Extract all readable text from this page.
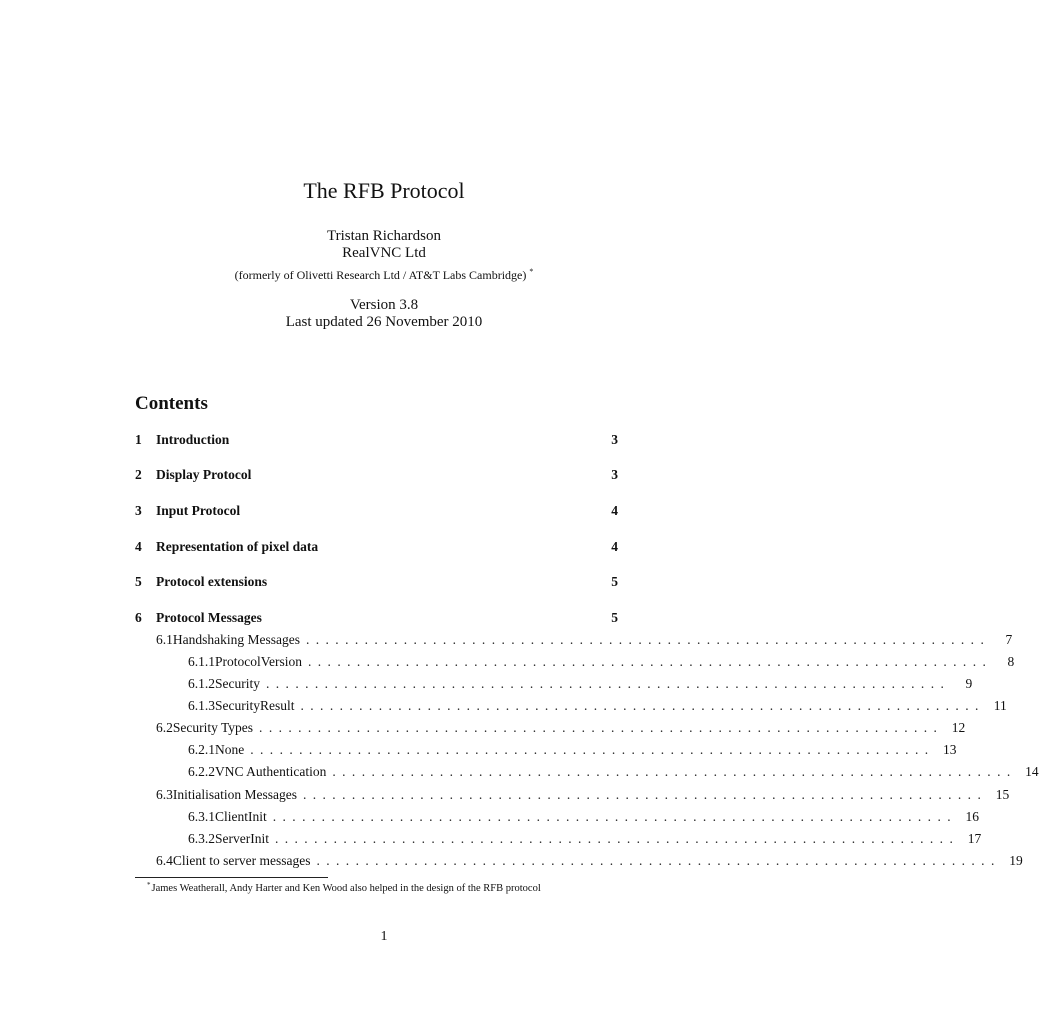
The RFB Protocol
Tristan Richardson
RealVNC Ltd
(formerly of Olivetti Research Ltd / AT&T Labs Cambridge) *
Version 3.8
Last updated 26 November 2010
Contents
1	Introduction	3
2	Display Protocol	3
3	Input Protocol	4
4	Representation of pixel data	4
5	Protocol extensions	5
6	Protocol Messages	5
6.1 Handshaking Messages ......................................................................	7
6.1.1 ProtocolVersion ......................................................................	8
6.1.2 Security ......................................................................	9
6.1.3 SecurityResult ...................................................................... 11
6.2 Security Types ...................................................................... 12
6.2.1 None ...................................................................... 13
6.2.2 VNC Authentication ...................................................................... 14
6.3 Initialisation Messages ...................................................................... 15
6.3.1 ClientInit ...................................................................... 16
6.3.2 ServerInit ...................................................................... 17
6.4 Client to server messages ...................................................................... 19
*James Weatherall, Andy Harter and Ken Wood also helped in the design of the RFB protocol
1
